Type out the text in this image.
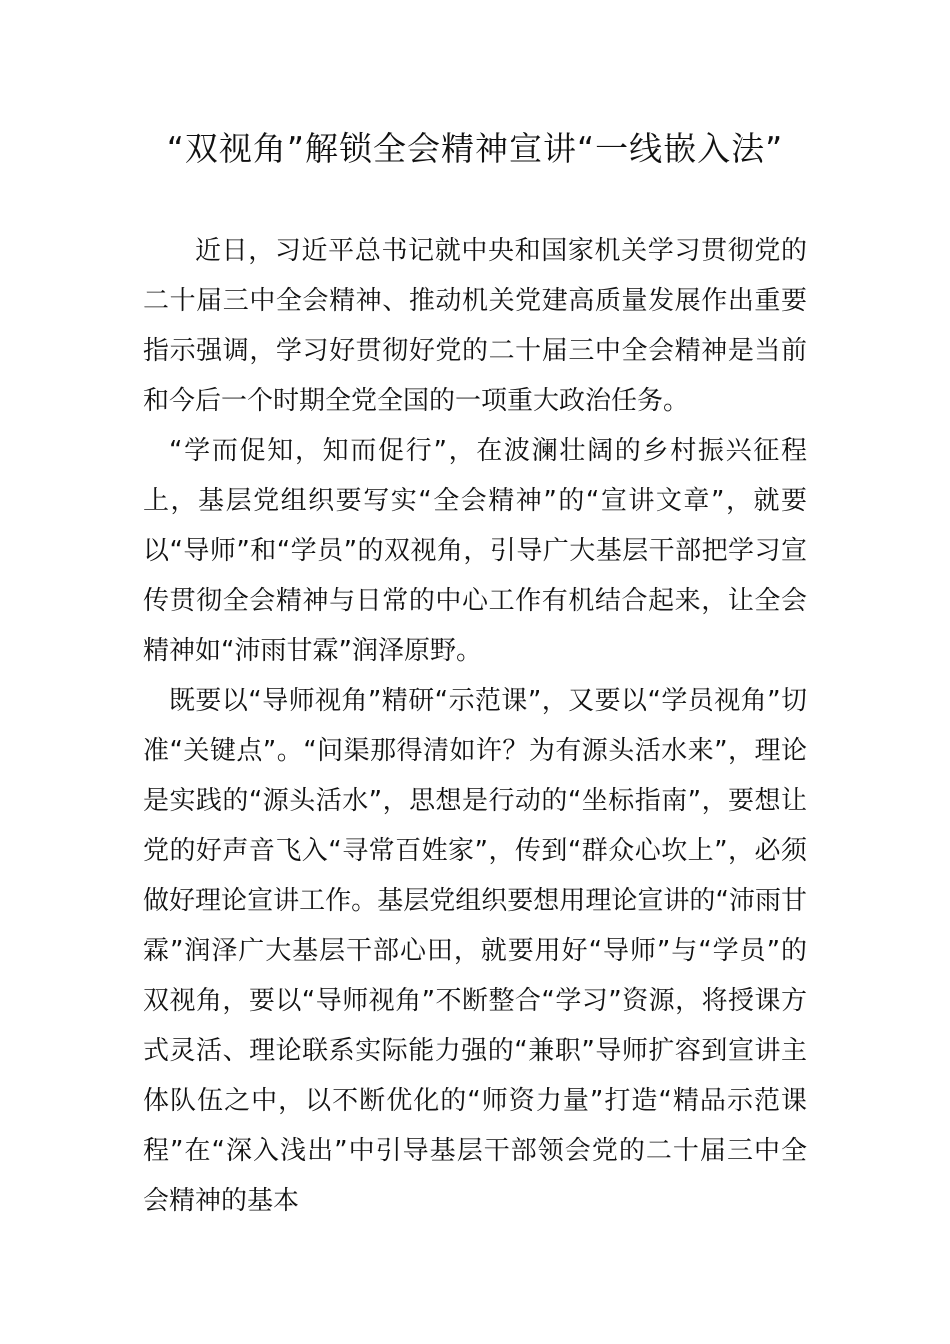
“双视角”解锁全会精神宣讲“一线嵌入法”

近日，习近平总书记就中央和国家机关学习贯彻党的二十届三中全会精神、推动机关党建高质量发展作出重要指示强调，学习好贯彻好党的二十届三中全会精神是当前和今后一个时期全党全国的一项重大政治任务。

“学而促知，知而促行”，在波澜壮阔的乡村振兴征程上，基层党组织要写实“全会精神”的“宣讲文章”，就要以“导师”和“学员”的双视角，引导广大基层干部把学习宣传贯彻全会精神与日常的中心工作有机结合起来，让全会精神如“沛雨甘霖”润泽原野。

既要以“导师视角”精研“示范课”，又要以“学员视角”切准“关键点”。“问渠那得清如许？为有源头活水来”，理论是实践的“源头活水”，思想是行动的“坐标指南”，要想让党的好声音飞入“寻常百姓家”，传到“群众心坎上”，必须做好理论宣讲工作。基层党组织要想用理论宣讲的“沛雨甘霖”润泽广大基层干部心田，就要用好“导师”与“学员”的双视角，要以“导师视角”不断整合“学习”资源，将授课方式灵活、理论联系实际能力强的“兼职”导师扩容到宣讲主体队伍之中，以不断优化的“师资力量”打造“精品示范课程”在“深入浅出”中引导基层干部领会党的二十届三中全会精神的基本
